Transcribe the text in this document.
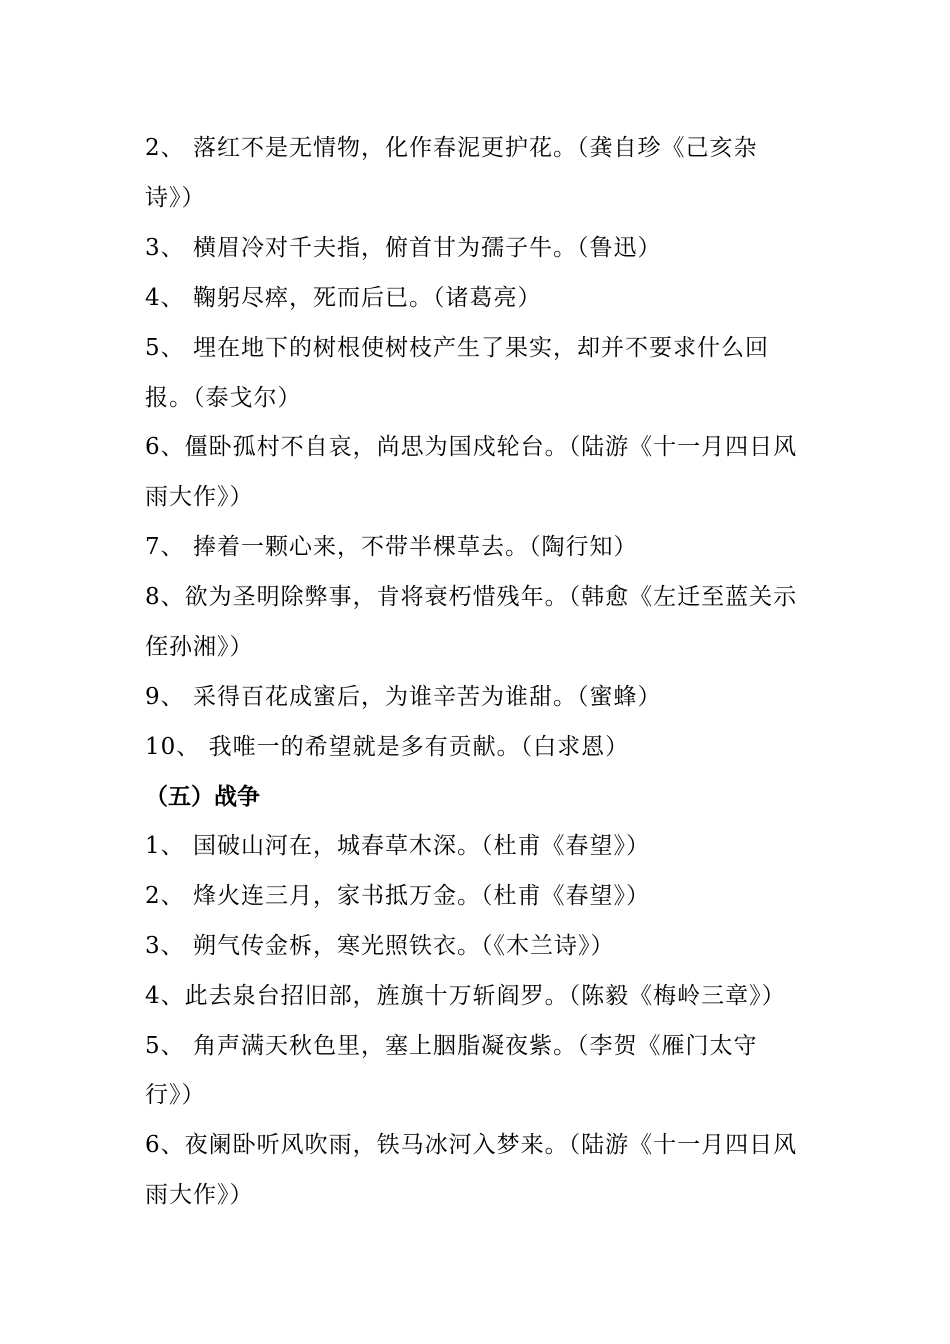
2、 落红不是无情物，化作春泥更护花。（龚自珍《己亥杂
诗》）
3、 横眉冷对千夫指，俯首甘为孺子牛。（鲁迅）
4、 鞠躬尽瘁，死而后已。（诸葛亮）
5、 埋在地下的树根使树枝产生了果实，却并不要求什么回
报。（泰戈尔）
6、僵卧孤村不自哀，尚思为国戍轮台。（陆游《十一月四日风
雨大作》）
7、 捧着一颗心来，不带半棵草去。（陶行知）
8、欲为圣明除弊事，肯将衰朽惜残年。（韩愈《左迁至蓝关示
侄孙湘》）
9、 采得百花成蜜后，为谁辛苦为谁甜。（蜜蜂）
10、 我唯一的希望就是多有贡献。（白求恩）
（五）战争
1、 国破山河在，城春草木深。（杜甫《春望》）
2、 烽火连三月，家书抵万金。（杜甫《春望》）
3、 朔气传金柝，寒光照铁衣。（《木兰诗》）
4、此去泉台招旧部，旌旗十万斩阎罗。（陈毅《梅岭三章》）
5、 角声满天秋色里，塞上胭脂凝夜紫。（李贺《雁门太守
行》）
6、夜阑卧听风吹雨，铁马冰河入梦来。（陆游《十一月四日风
雨大作》）
